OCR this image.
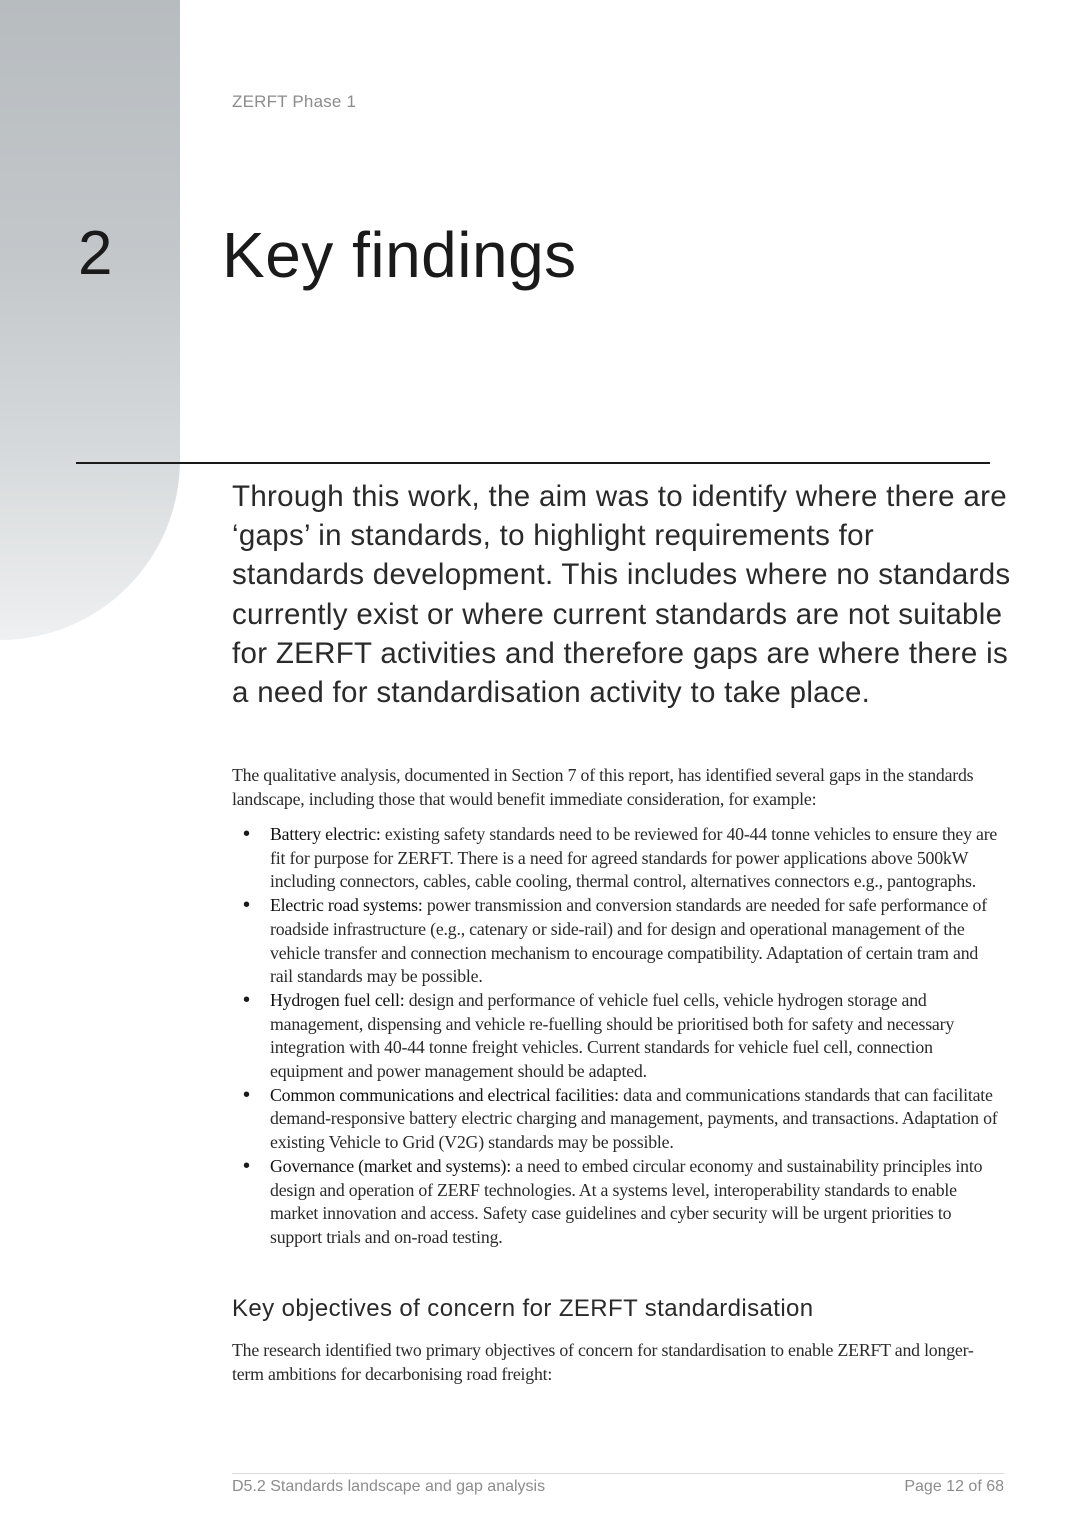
ZERFT Phase 1
2 Key findings

Through this work, the aim was to identify where there are ‘gaps’ in standards, to highlight requirements for standards development. This includes where no standards currently exist or where current standards are not suitable for ZERFT activities and therefore gaps are where there is a need for standardisation activity to take place.

The qualitative analysis, documented in Section 7 of this report, has identified several gaps in the standards landscape, including those that would benefit immediate consideration, for example:

• Battery electric: existing safety standards need to be reviewed for 40-44 tonne vehicles to ensure they are fit for purpose for ZERFT. There is a need for agreed standards for power applications above 500kW including connectors, cables, cable cooling, thermal control, alternatives connectors e.g., pantographs.
• Electric road systems: power transmission and conversion standards are needed for safe performance of roadside infrastructure (e.g., catenary or side-rail) and for design and operational management of the vehicle transfer and connection mechanism to encourage compatibility. Adaptation of certain tram and rail standards may be possible.
• Hydrogen fuel cell: design and performance of vehicle fuel cells, vehicle hydrogen storage and management, dispensing and vehicle re-fuelling should be prioritised both for safety and necessary integration with 40-44 tonne freight vehicles. Current standards for vehicle fuel cell, connection equipment and power management should be adapted.
• Common communications and electrical facilities: data and communications standards that can facilitate demand-responsive battery electric charging and management, payments, and transactions. Adaptation of existing Vehicle to Grid (V2G) standards may be possible.
• Governance (market and systems): a need to embed circular economy and sustainability principles into design and operation of ZERF technologies. At a systems level, interoperability standards to enable market innovation and access. Safety case guidelines and cyber security will be urgent priorities to support trials and on-road testing.
Key objectives of concern for ZERFT standardisation

The research identified two primary objectives of concern for standardisation to enable ZERFT and longer-term ambitions for decarbonising road freight:

D5.2 Standards landscape and gap analysis	Page 12 of 68
